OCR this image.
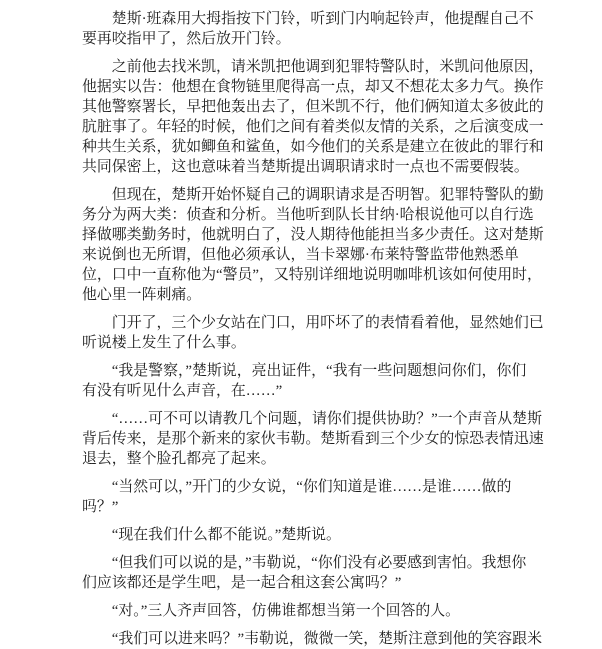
楚斯·班森用大拇指按下门铃，听到门内响起铃声，他提醒自己不
要再咬指甲了，然后放开门铃。
之前他去找米凯，请米凯把他调到犯罪特警队时，米凯问他原因，
他据实以告：他想在食物链里爬得高一点，却又不想花太多力气。换作
其他警察署长，早把他轰出去了，但米凯不行，他们俩知道太多彼此的
肮脏事了。年轻的时候，他们之间有着类似友情的关系，之后演变成一
种共生关系，犹如鲫鱼和鲨鱼，如今他们的关系是建立在彼此的罪行和
共同保密上，这也意味着当楚斯提出调职请求时一点也不需要假装。
但现在，楚斯开始怀疑自己的调职请求是否明智。犯罪特警队的勤
务分为两大类：侦查和分析。当他听到队长甘纳·哈根说他可以自行选
择做哪类勤务时，他就明白了，没人期待他能担当多少责任。这对楚斯
来说倒也无所谓，但他必须承认，当卡翠娜·布莱特警监带他熟悉单
位，口中一直称他为“警员”，又特别详细地说明咖啡机该如何使用时，
他心里一阵刺痛。
门开了，三个少女站在门口，用吓坏了的表情看着他，显然她们已
听说楼上发生了什么事。
“我是警察，”楚斯说，亮出证件，“我有一些问题想问你们，你们
有没有听见什么声音，在……”
“……可不可以请教几个问题，请你们提供协助？”一个声音从楚斯
背后传来，是那个新来的家伙韦勒。楚斯看到三个少女的惊恐表情迅速
退去，整个脸孔都亮了起来。
“当然可以，”开门的少女说，“你们知道是谁……是谁……做的
吗？”
“现在我们什么都不能说。”楚斯说。
“但我们可以说的是，”韦勒说，“你们没有必要感到害怕。我想你
们应该都还是学生吧，是一起合租这套公寓吗？”
“对。”三人齐声回答，仿佛谁都想当第一个回答的人。
“我们可以进来吗？”韦勒说，微微一笑，楚斯注意到他的笑容跟米
